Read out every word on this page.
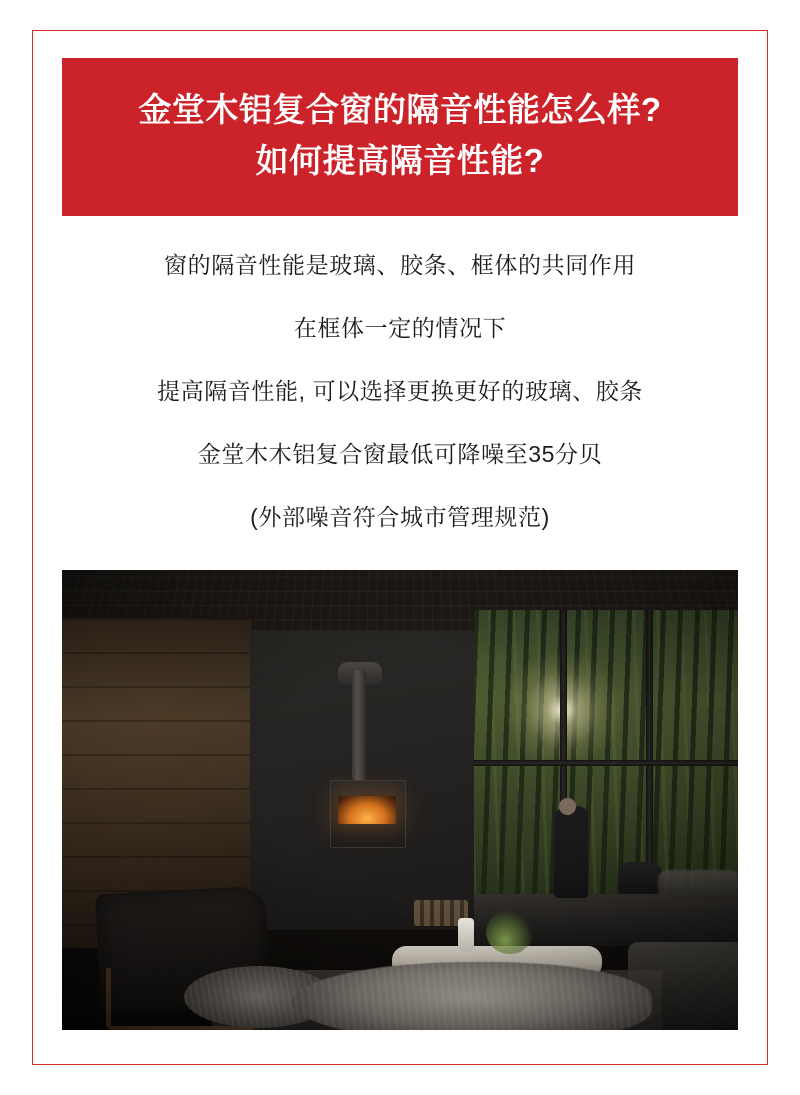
金堂木铝复合窗的隔音性能怎么样?
如何提高隔音性能?
窗的隔音性能是玻璃、胶条、框体的共同作用
在框体一定的情况下
提高隔音性能, 可以选择更换更好的玻璃、胶条
金堂木木铝复合窗最低可降噪至35分贝
(外部噪音符合城市管理规范)
